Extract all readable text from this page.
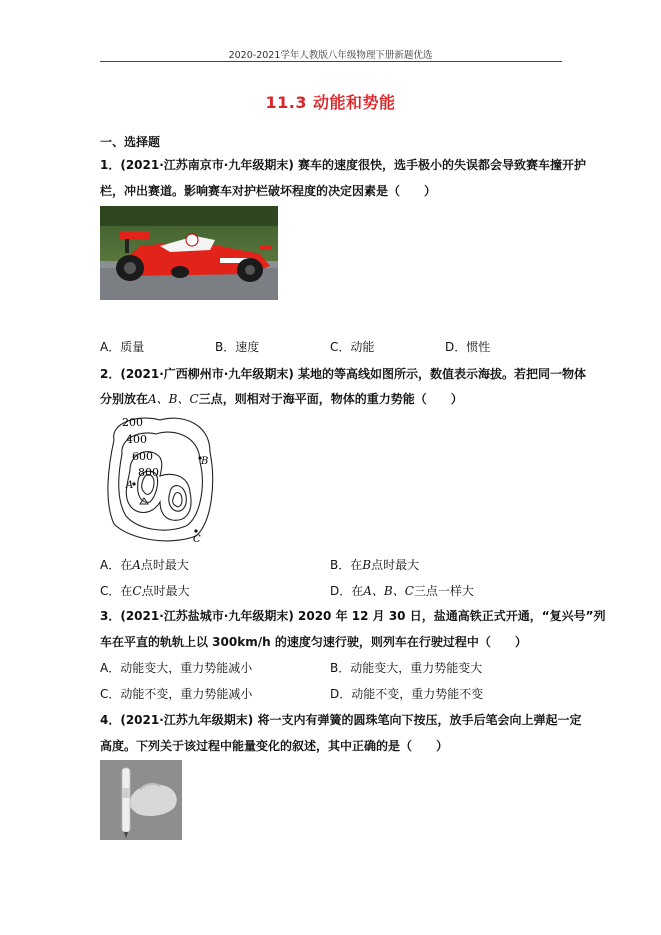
2020-2021学年人教版八年级物理下册新题优选
11.3 动能和势能
一、选择题
1．(2021·江苏南京市·九年级期末) 赛车的速度很快，选手极小的失误都会导致赛车撞开护
栏，冲出赛道。影响赛车对护栏破坏程度的决定因素是（　　）
A．质量	B．速度	C．动能	D．惯性
2．(2021·广西柳州市·九年级期末) 某地的等高线如图所示，数值表示海拔。若把同一物体
分别放在A、B、C三点，则相对于海平面，物体的重力势能（　　）
200
400
600
800
A
B
C
A．在A点时最大	B．在B点时最大
C．在C点时最大	D．在A、B、C三点一样大
3．(2021·江苏盐城市·九年级期末) 2020 年 12 月 30 日，盐通高铁正式开通，“复兴号”列
车在平直的轨轨上以 300km/h 的速度匀速行驶，则列车在行驶过程中（　　）
A．动能变大，重力势能减小	B．动能变大，重力势能变大
C．动能不变，重力势能减小	D．动能不变，重力势能不变
4．(2021·江苏九年级期末) 将一支内有弹簧的圆珠笔向下按压，放手后笔会向上弹起一定
高度。下列关于该过程中能量变化的叙述，其中正确的是（　　）
